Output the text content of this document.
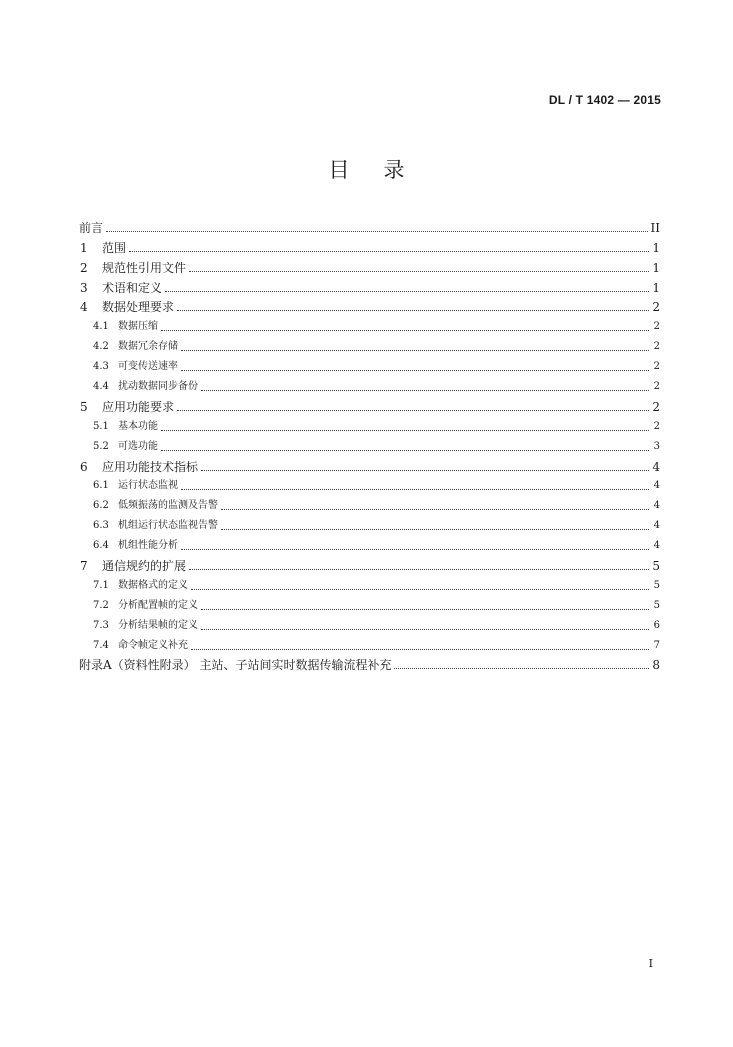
DL / T 1402 — 2015
目录
前言	II
1	范围	1
2	规范性引用文件	1
3	术语和定义	1
4	数据处理要求	2
4.1 数据压缩	2
4.2 数据冗余存储	2
4.3 可变传送速率	2
4.4 扰动数据同步备份	2
5	应用功能要求	2
5.1 基本功能	2
5.2 可选功能	3
6	应用功能技术指标	4
6.1 运行状态监视	4
6.2 低频振荡的监测及告警	4
6.3 机组运行状态监视告警	4
6.4 机组性能分析	4
7	通信规约的扩展	5
7.1 数据格式的定义	5
7.2 分析配置帧的定义	5
7.3 分析结果帧的定义	6
7.4 命令帧定义补充	7
附录A（资料性附录） 主站、子站间实时数据传输流程补充	8
I
